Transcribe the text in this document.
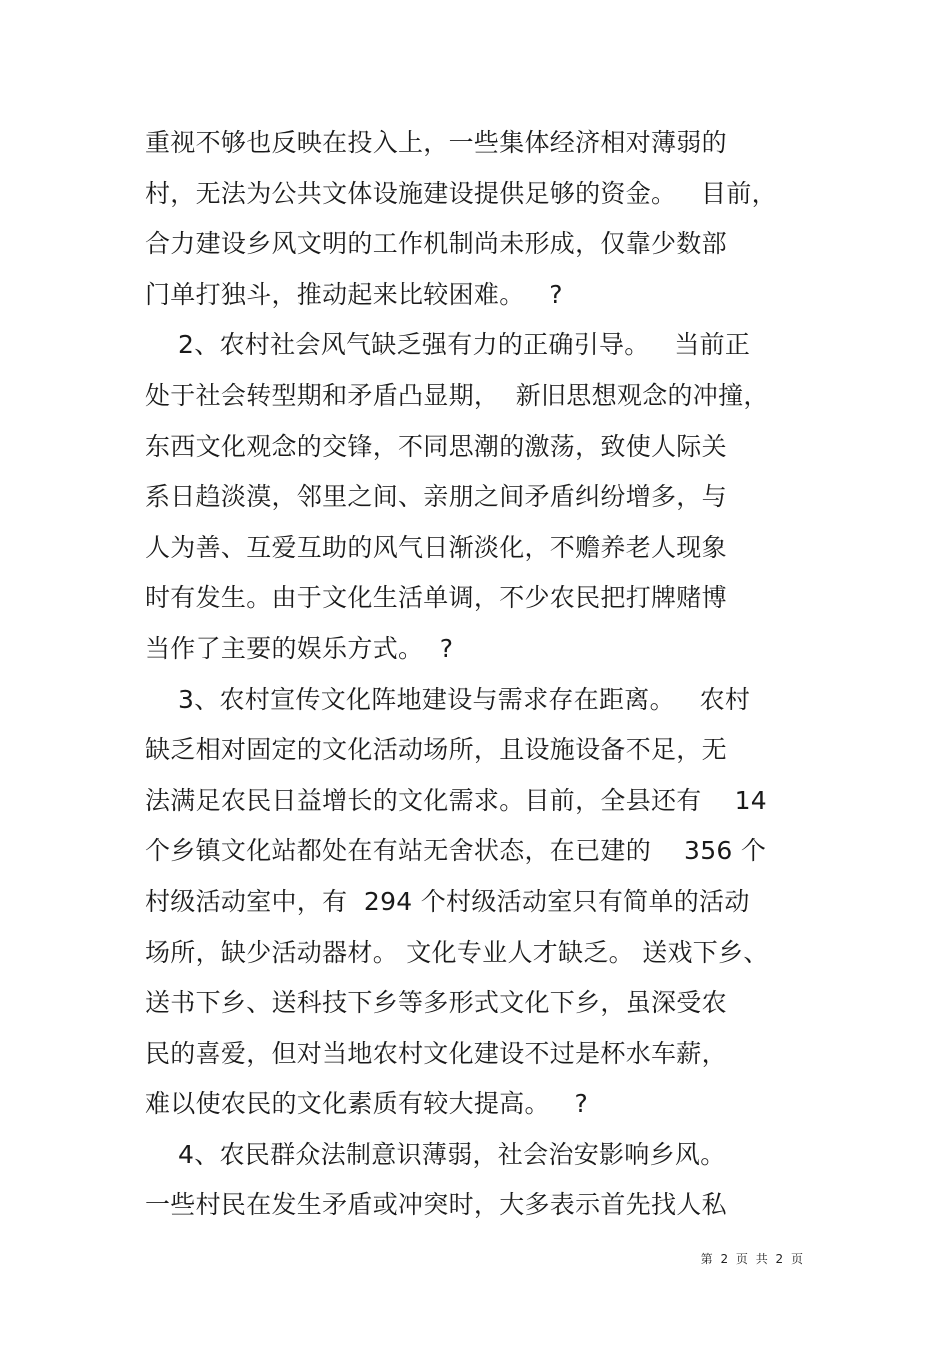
重视不够也反映在投入上，一些集体经济相对薄弱的
村，无法为公共文体设施建设提供足够的资金。   目前，
合力建设乡风文明的工作机制尚未形成，仅靠少数部
门单打独斗，推动起来比较困难。   ?
2、农村社会风气缺乏强有力的正确引导。   当前正
处于社会转型期和矛盾凸显期，  新旧思想观念的冲撞，
东西文化观念的交锋，不同思潮的激荡，致使人际关
系日趋淡漠，邻里之间、亲朋之间矛盾纠纷增多，与
人为善、互爱互助的风气日渐淡化，不赡养老人现象
时有发生。由于文化生活单调，不少农民把打牌赌博
当作了主要的娱乐方式。  ?
3、农村宣传文化阵地建设与需求存在距离。   农村
缺乏相对固定的文化活动场所，且设施设备不足，无
法满足农民日益增长的文化需求。目前，全县还有    14
个乡镇文化站都处在有站无舍状态，在已建的    356 个
村级活动室中，有  294 个村级活动室只有简单的活动
场所，缺少活动器材。 文化专业人才缺乏。 送戏下乡、
送书下乡、送科技下乡等多形式文化下乡，虽深受农
民的喜爱，但对当地农村文化建设不过是杯水车薪，
难以使农民的文化素质有较大提高。   ?
4、农民群众法制意识薄弱，社会治安影响乡风。
一些村民在发生矛盾或冲突时，大多表示首先找人私
第 2 页 共 2 页
